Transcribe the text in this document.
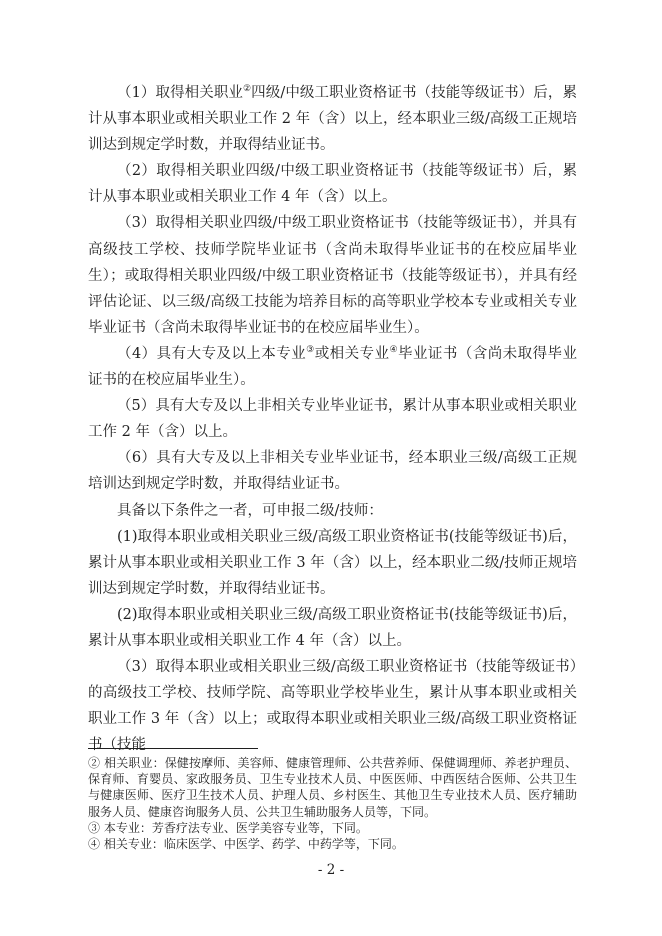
（1）取得相关职业②四级/中级工职业资格证书（技能等级证书）后，累计从事本职业或相关职业工作 2 年（含）以上，经本职业三级/高级工正规培训达到规定学时数，并取得结业证书。

（2）取得相关职业四级/中级工职业资格证书（技能等级证书）后，累计从事本职业或相关职业工作 4 年（含）以上。

（3）取得相关职业四级/中级工职业资格证书（技能等级证书），并具有高级技工学校、技师学院毕业证书（含尚未取得毕业证书的在校应届毕业生）；或取得相关职业四级/中级工职业资格证书（技能等级证书），并具有经评估论证、以三级/高级工技能为培养目标的高等职业学校本专业或相关专业毕业证书（含尚未取得毕业证书的在校应届毕业生）。

（4）具有大专及以上本专业③或相关专业④毕业证书（含尚未取得毕业证书的在校应届毕业生）。

（5）具有大专及以上非相关专业毕业证书，累计从事本职业或相关职业工作 2 年（含）以上。

（6）具有大专及以上非相关专业毕业证书，经本职业三级/高级工正规培训达到规定学时数，并取得结业证书。

具备以下条件之一者，可申报二级/技师：

(1)取得本职业或相关职业三级/高级工职业资格证书(技能等级证书)后，累计从事本职业或相关职业工作 3 年（含）以上，经本职业二级/技师正规培训达到规定学时数，并取得结业证书。

(2)取得本职业或相关职业三级/高级工职业资格证书(技能等级证书)后，累计从事本职业或相关职业工作 4 年（含）以上。

（3）取得本职业或相关职业三级/高级工职业资格证书（技能等级证书）的高级技工学校、技师学院、高等职业学校毕业生，累计从事本职业或相关职业工作 3 年（含）以上；或取得本职业或相关职业三级/高级工职业资格证书（技能

② 相关职业：保健按摩师、美容师、健康管理师、公共营养师、保健调理师、养老护理员、保育师、育婴员、家政服务员、卫生专业技术人员、中医医师、中西医结合医师、公共卫生与健康医师、医疗卫生技术人员、护理人员、乡村医生、其他卫生专业技术人员、医疗辅助服务人员、健康咨询服务人员、公共卫生辅助服务人员等，下同。

③ 本专业：芳香疗法专业、医学美容专业等，下同。

④ 相关专业：临床医学、中医学、药学、中药学等，下同。

- 2 -
